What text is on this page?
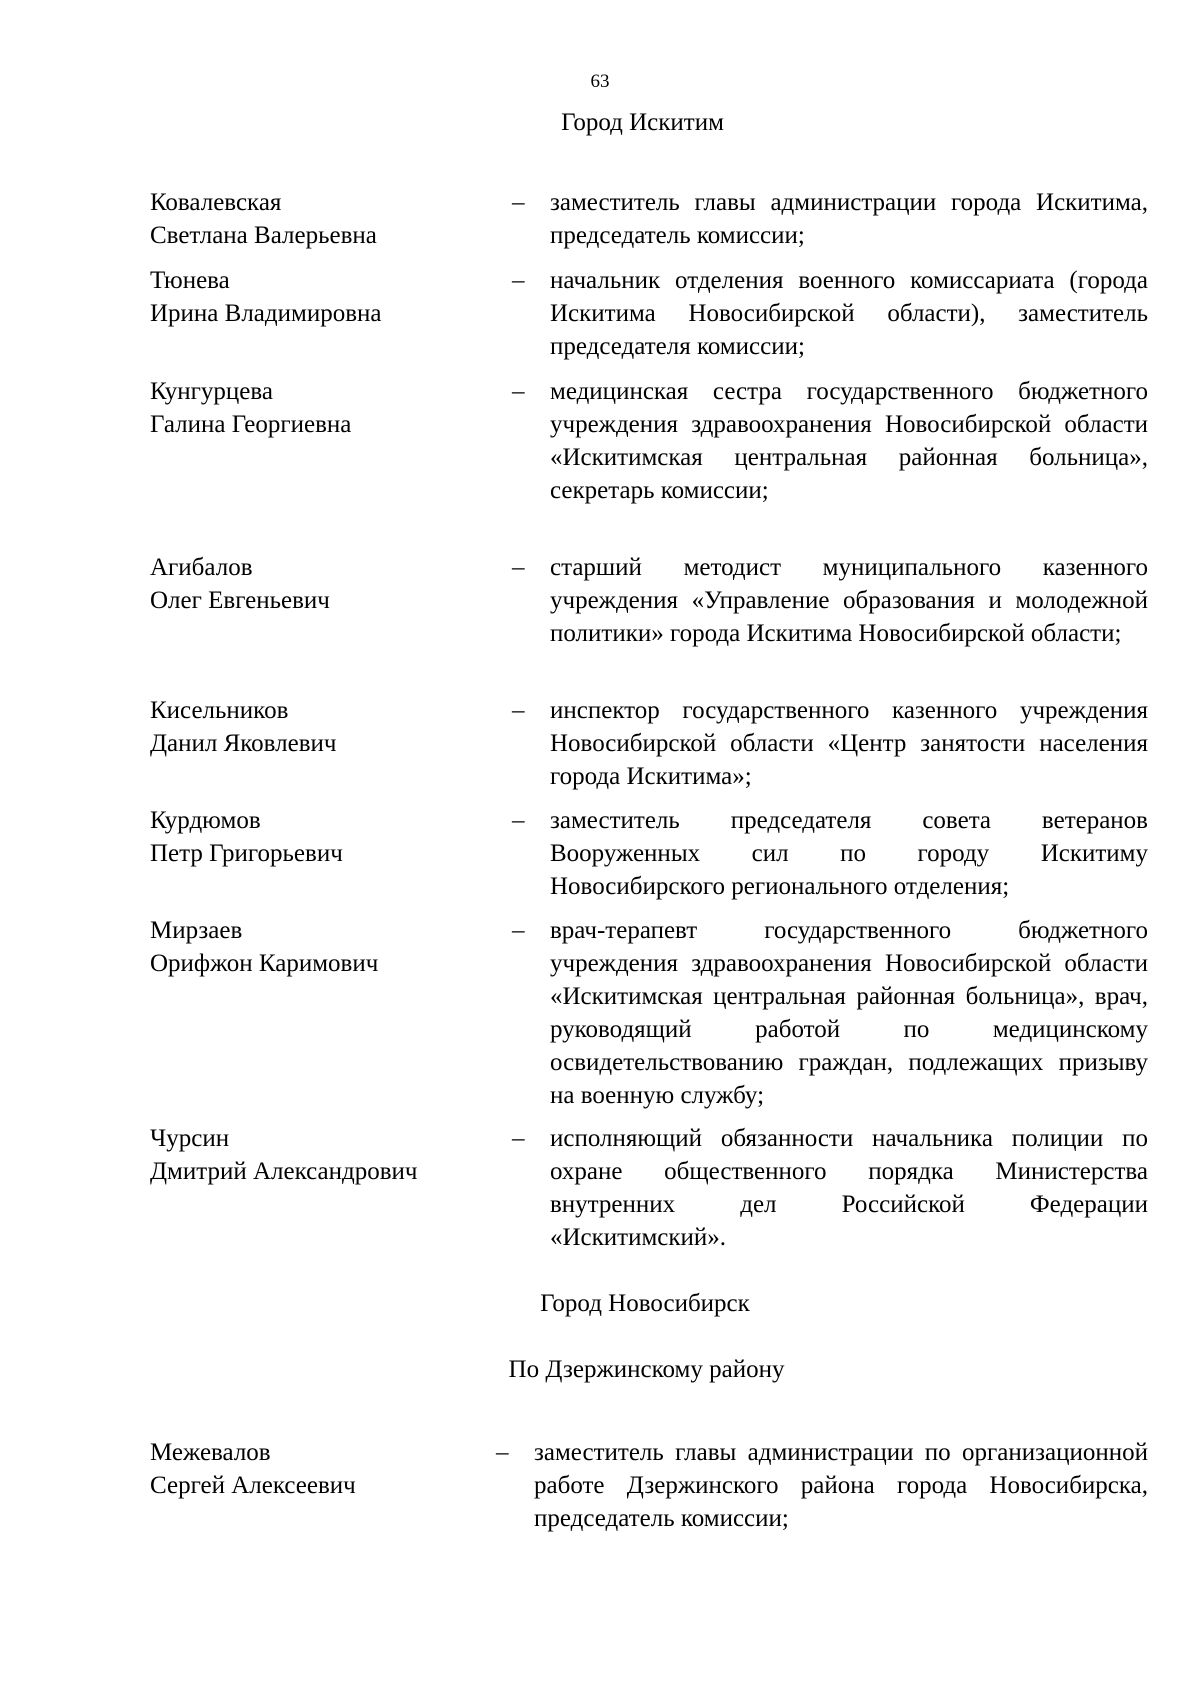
63
Город Искитим
Ковалевская
Светлана Валерьевна
– заместитель главы администрации города Искитима, председатель комиссии;
Тюнева
Ирина Владимировна
– начальник отделения военного комиссариата (города Искитима Новосибирской области), заместитель председателя комиссии;
Кунгурцева
Галина Георгиевна
– медицинская сестра государственного бюджетного учреждения здравоохранения Новосибирской области «Искитимская центральная районная больница», секретарь комиссии;
Агибалов
Олег Евгеньевич
– старший методист муниципального казенного учреждения «Управление образования и молодежной политики» города Искитима Новосибирской области;
Кисельников
Данил Яковлевич
– инспектор государственного казенного учреждения Новосибирской области «Центр занятости населения города Искитима»;
Курдюмов
Петр Григорьевич
– заместитель председателя совета ветеранов Вооруженных сил по городу Искитиму Новосибирского регионального отделения;
Мирзаев
Орифжон Каримович
– врач-терапевт государственного бюджетного учреждения здравоохранения Новосибирской области «Искитимская центральная районная больница», врач, руководящий работой по медицинскому освидетельствованию граждан, подлежащих призыву на военную службу;
Чурсин
Дмитрий Александрович
– исполняющий обязанности начальника полиции по охране общественного порядка Министерства внутренних дел Российской Федерации «Искитимский».
Город Новосибирск
По Дзержинскому району
Межевалов
Сергей Алексеевич
– заместитель главы администрации по организационной работе Дзержинского района города Новосибирска, председатель комиссии;
